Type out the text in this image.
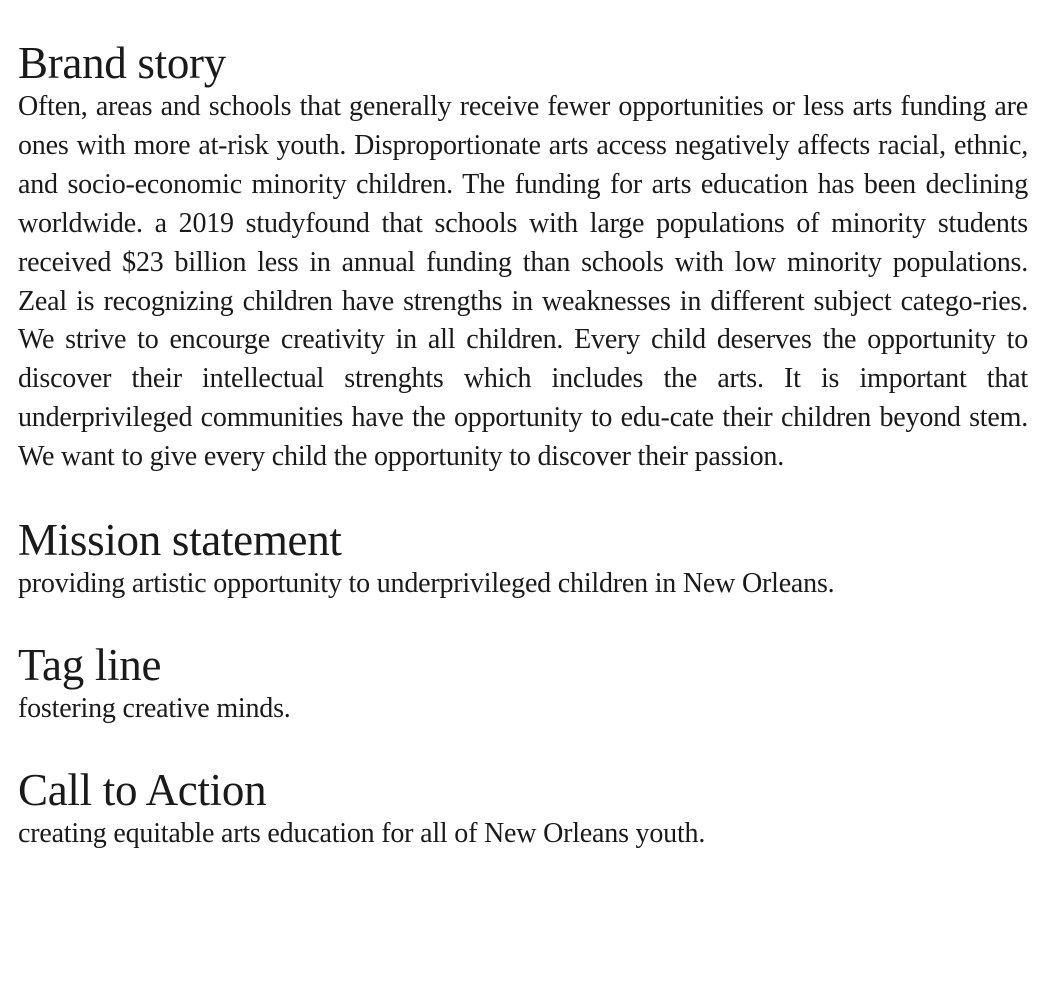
Brand story

Often, areas and schools that generally receive fewer opportunities or less arts funding are ones with more at-risk youth. Disproportionate arts access negatively affects racial, ethnic, and socio-economic minority children. The funding for arts education has been declining worldwide. a 2019 studyfound that schools with large populations of minority students received $23 billion less in annual funding than schools with low minority populations. Zeal is recognizing children have strengths in weaknesses in different subject catego-ries. We strive to encourge creativity in all children. Every child deserves the opportunity to discover their intellectual strenghts which includes the arts. It is important that underprivileged communities have the opportunity to edu-cate their children beyond stem. We want to give every child the opportunity to discover their passion.

Mission statement

providing artistic opportunity to underprivileged children in New Orleans.

Tag line

fostering creative minds.

Call to Action

creating equitable arts education for all of New Orleans youth.
